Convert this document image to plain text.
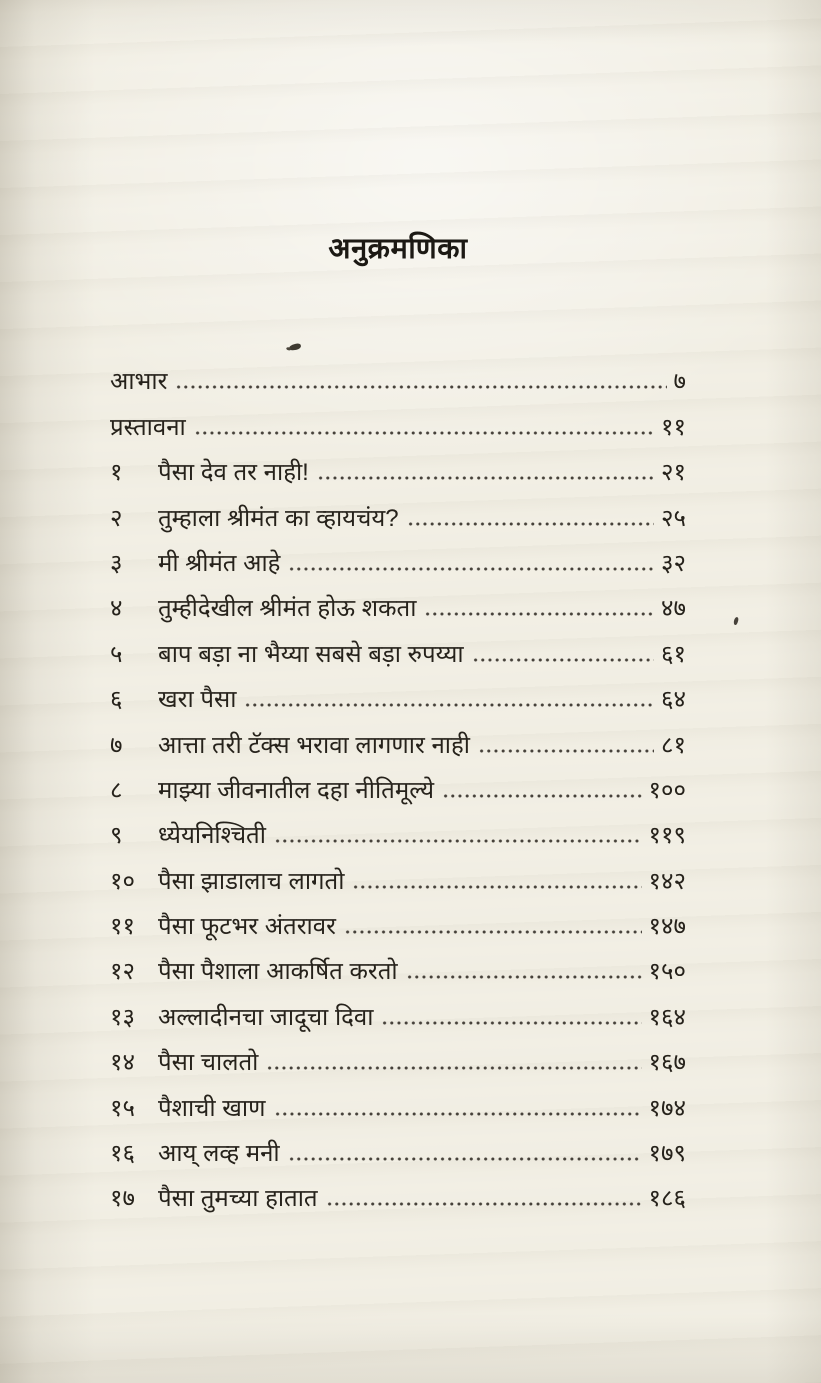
अनुक्रमणिका
आभार	७
प्रस्तावना	११
१	पैसा देव तर नाही!	२१
२	तुम्हाला श्रीमंत का व्हायचंय?	२५
३	मी श्रीमंत आहे	३२
४	तुम्हीदेखील श्रीमंत होऊ शकता	४७
५	बाप बड़ा ना भैय्या सबसे बड़ा रुपय्या	६१
६	खरा पैसा	६४
७	आत्ता तरी टॅक्स भरावा लागणार नाही	८१
८	माझ्या जीवनातील दहा नीतिमूल्ये	१००
९	ध्येयनिश्चिती	११९
१० पैसा झाडालाच लागतो	१४२
११ पैसा फूटभर अंतरावर	१४७
१२ पैसा पैशाला आकर्षित करतो	१५०
१३ अल्लादीनचा जादूचा दिवा	१६४
१४ पैसा चालतो	१६७
१५ पैशाची खाण	१७४
१६ आय् लव्ह मनी	१७९
१७ पैसा तुमच्या हातात	१८६
